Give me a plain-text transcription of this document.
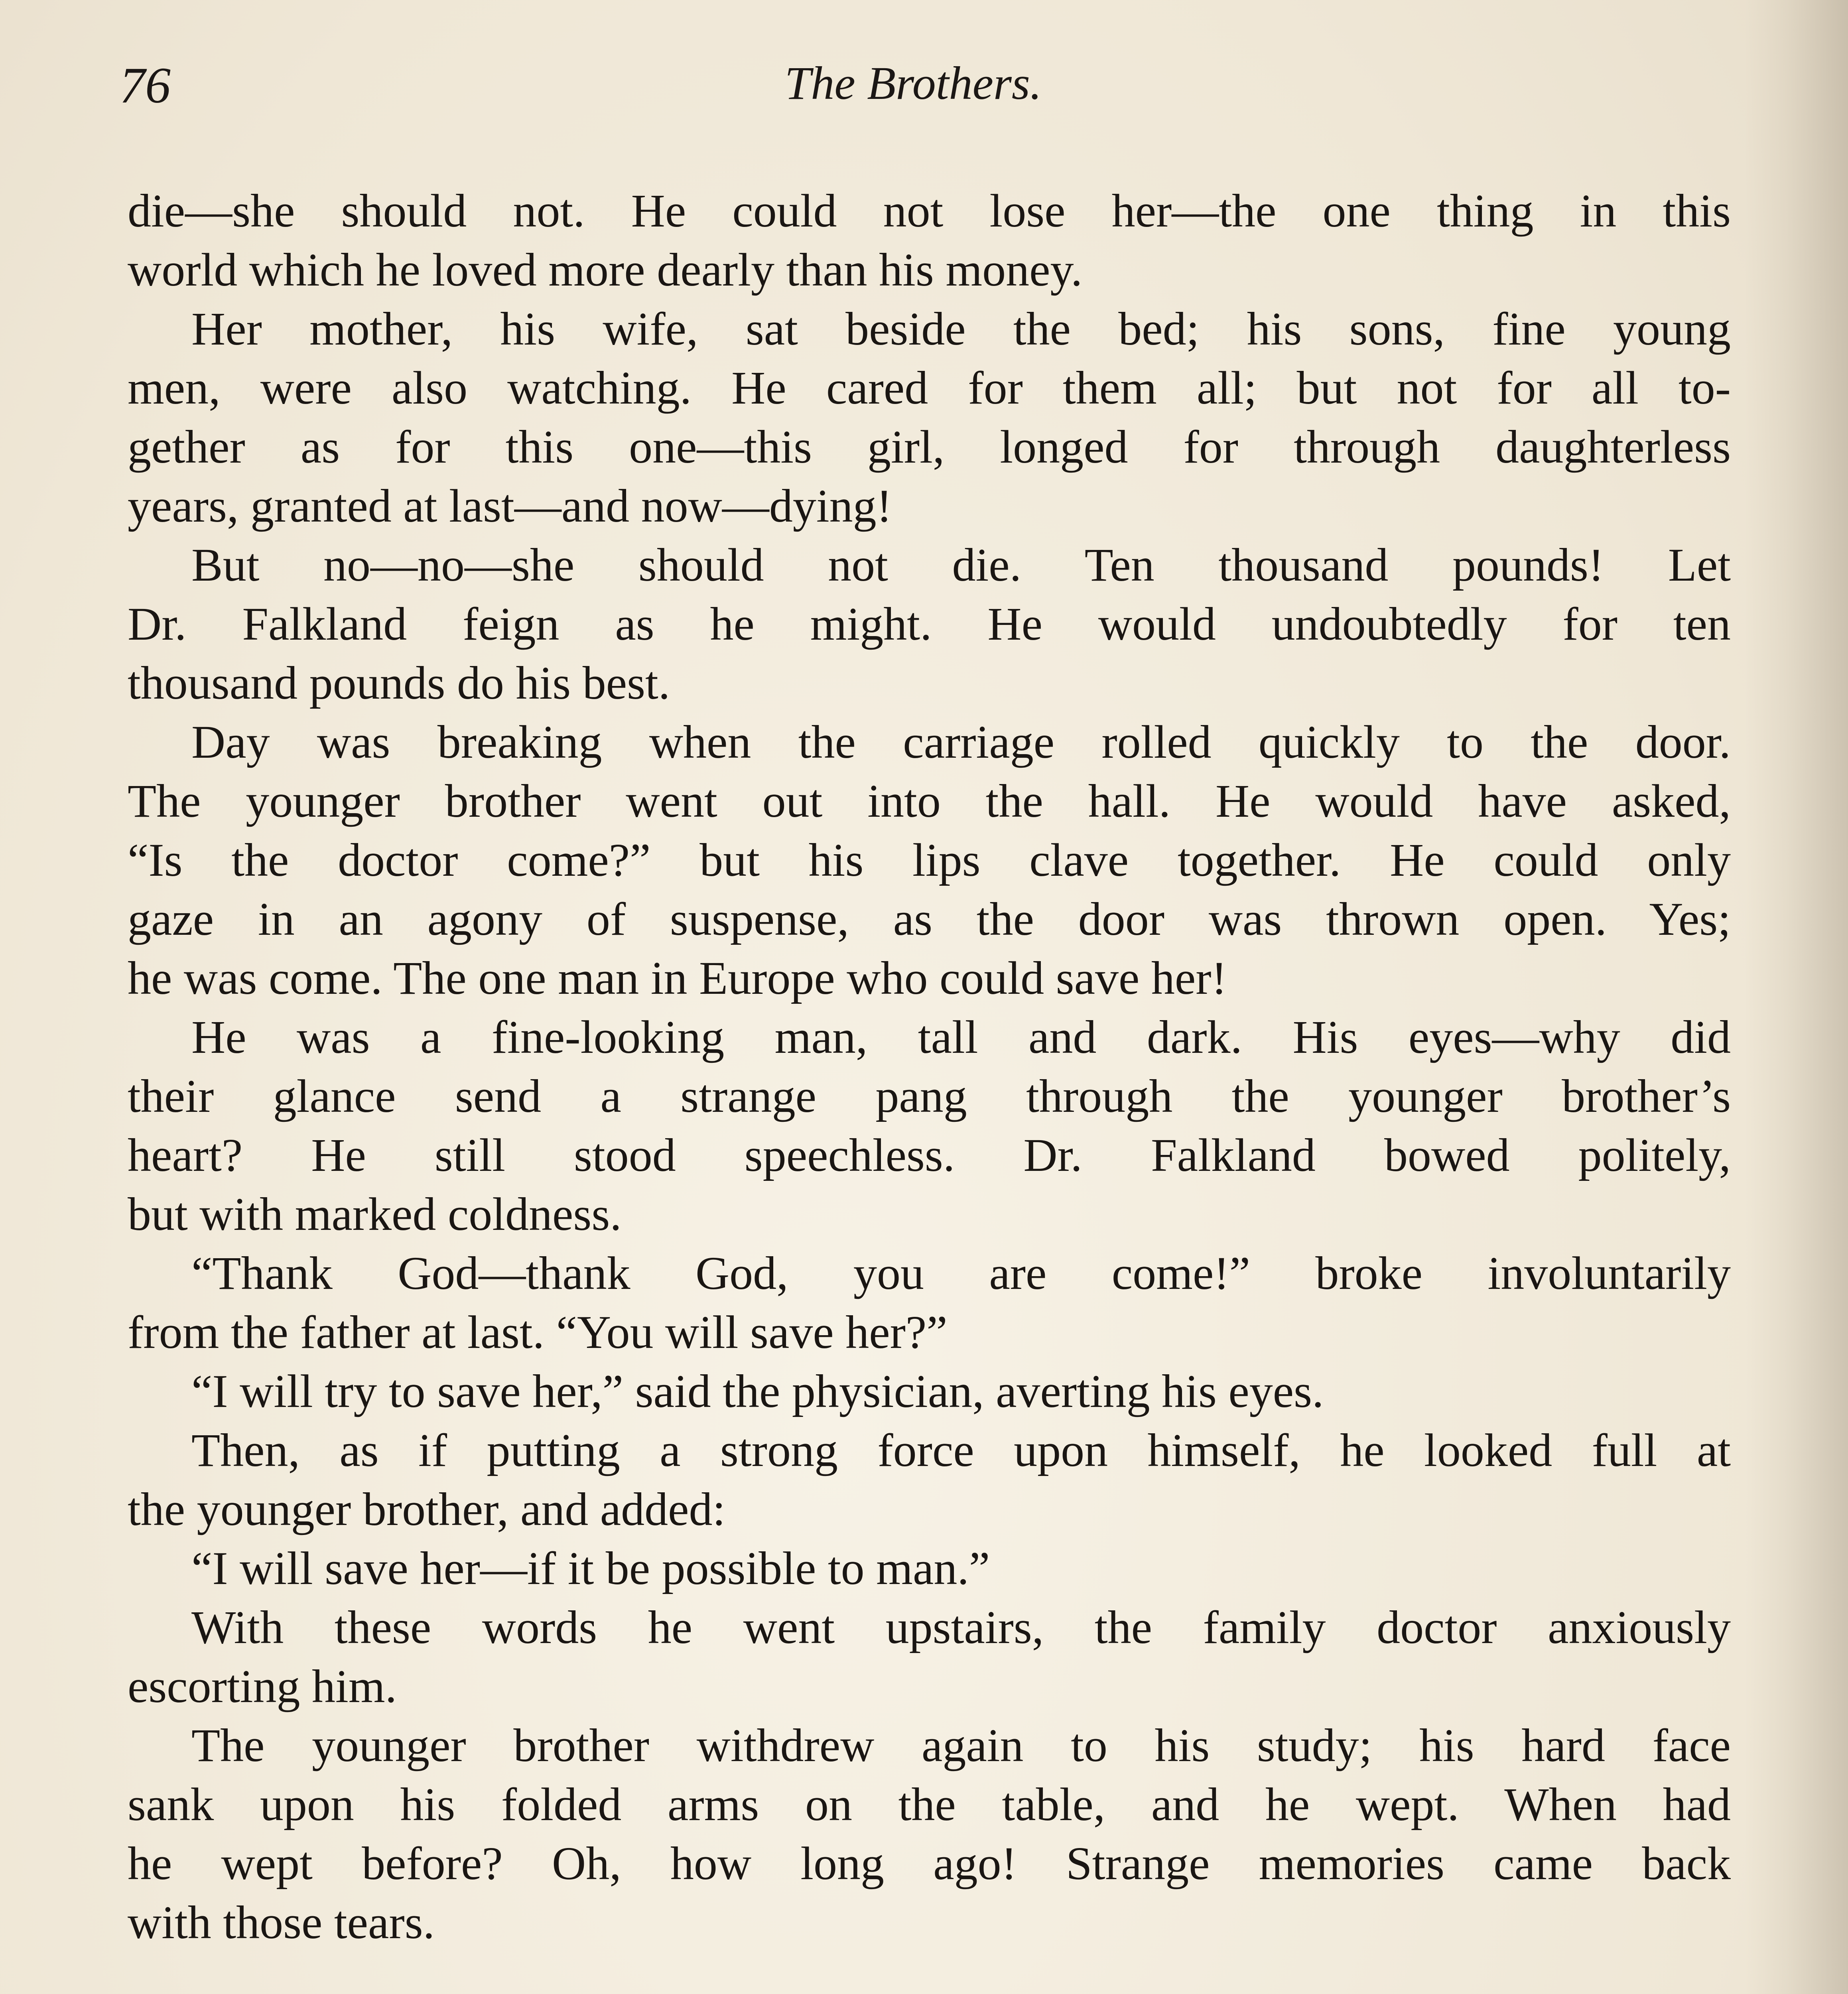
76	The Brothers.
die—she should not. He could not lose her—the one thing in this
world which he loved more dearly than his money.
Her mother, his wife, sat beside the bed; his sons, fine young
men, were also watching. He cared for them all; but not for all to-
gether as for this one—this girl, longed for through daughterless
years, granted at last—and now—dying!
But no—no—she should not die. Ten thousand pounds! Let
Dr. Falkland feign as he might. He would undoubtedly for ten
thousand pounds do his best.
Day was breaking when the carriage rolled quickly to the door.
The younger brother went out into the hall. He would have asked,
“Is the doctor come?” but his lips clave together. He could only
gaze in an agony of suspense, as the door was thrown open. Yes;
he was come. The one man in Europe who could save her!
He was a fine-looking man, tall and dark. His eyes—why did
their glance send a strange pang through the younger brother’s
heart? He still stood speechless. Dr. Falkland bowed politely,
but with marked coldness.
“Thank God—thank God, you are come!” broke involuntarily
from the father at last. “You will save her?”
“I will try to save her,” said the physician, averting his eyes.
Then, as if putting a strong force upon himself, he looked full at
the younger brother, and added:
“I will save her—if it be possible to man.”
With these words he went upstairs, the family doctor anxiously
escorting him.
The younger brother withdrew again to his study; his hard face
sank upon his folded arms on the table, and he wept. When had
he wept before? Oh, how long ago! Strange memories came back
with those tears.
